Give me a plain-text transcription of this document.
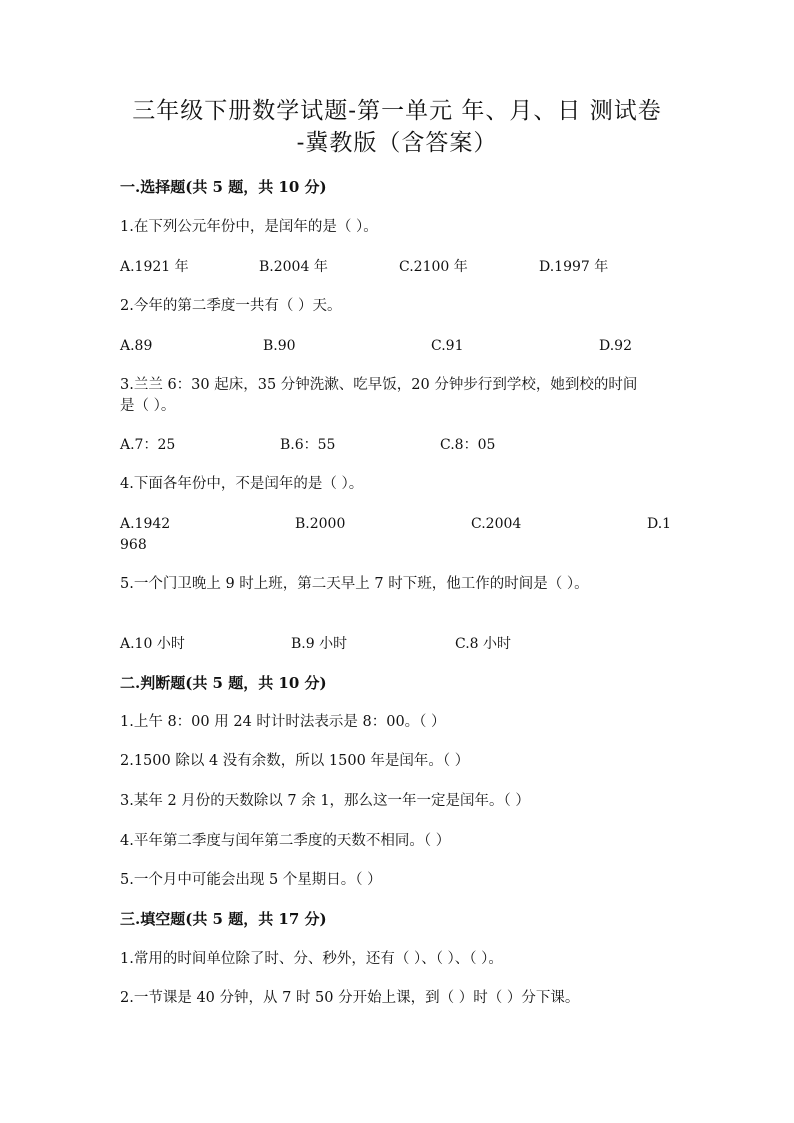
三年级下册数学试题-第一单元 年、月、日 测试卷
-冀教版（含答案）
一.选择题(共 5 题，共 10 分)
1.在下列公元年份中，是闰年的是（ ）。
A.1921 年	B.2004 年	C.2100 年	D.1997 年
2.今年的第二季度一共有（ ）天。
A.89	B.90	C.91	D.92
3.兰兰 6：30 起床，35 分钟洗漱、吃早饭，20 分钟步行到学校，她到校的时间
是（ ）。
A.7：25	B.6：55	C.8：05
4.下面各年份中，不是闰年的是（ ）。
A.1942	B.2000	C.2004	D.1
968
5.一个门卫晚上 9 时上班，第二天早上 7 时下班，他工作的时间是（ ）。
A.10 小时	B.9 小时	C.8 小时
二.判断题(共 5 题，共 10 分)
1.上午 8：00 用 24 时计时法表示是 8：00。（ ）
2.1500 除以 4 没有余数，所以 1500 年是闰年。（ ）
3.某年 2 月份的天数除以 7 余 1，那么这一年一定是闰年。（ ）
4.平年第二季度与闰年第二季度的天数不相同。（ ）
5.一个月中可能会出现 5 个星期日。（ ）
三.填空题(共 5 题，共 17 分)
1.常用的时间单位除了时、分、秒外，还有（ ）、（ ）、（ ）。
2.一节课是 40 分钟，从 7 时 50 分开始上课，到（ ）时（ ）分下课。
